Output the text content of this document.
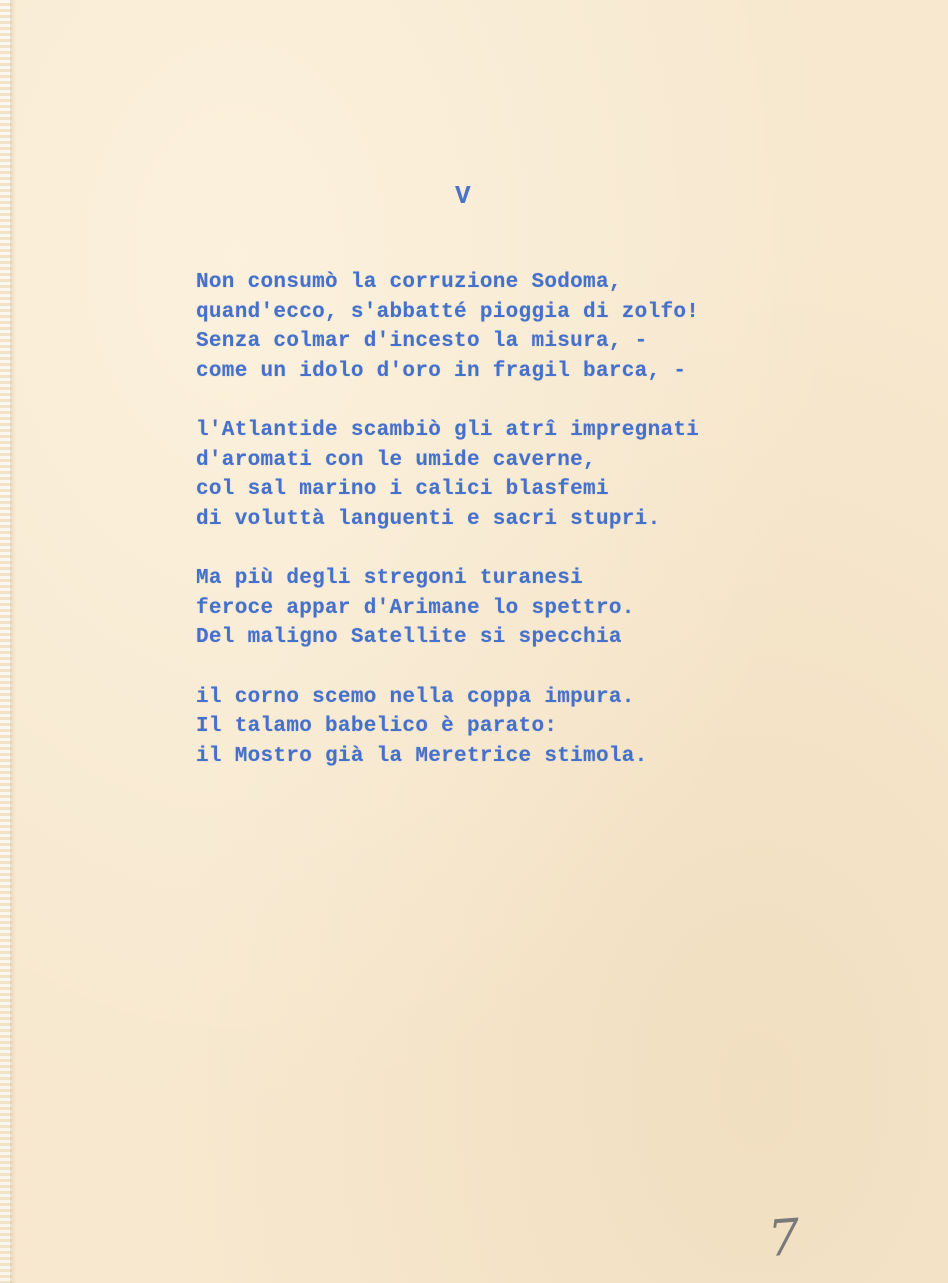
V
Non consumò la corruzione Sodoma,
quand'ecco, s'abbatté pioggia di zolfo!
Senza colmar d'incesto la misura, -
come un idolo d'oro in fragil barca, -
l'Atlantide scambiò gli atrî impregnati
d'aromati con le umide caverne,
col sal marino i calici blasfemi
di voluttà languenti e sacri stupri.
Ma più degli stregoni turanesi
feroce appar d'Arimane lo spettro.
Del maligno Satellite si specchia
il corno scemo nella coppa impura.
Il talamo babelico è parato:
il Mostro già la Meretrice stimola.
7
